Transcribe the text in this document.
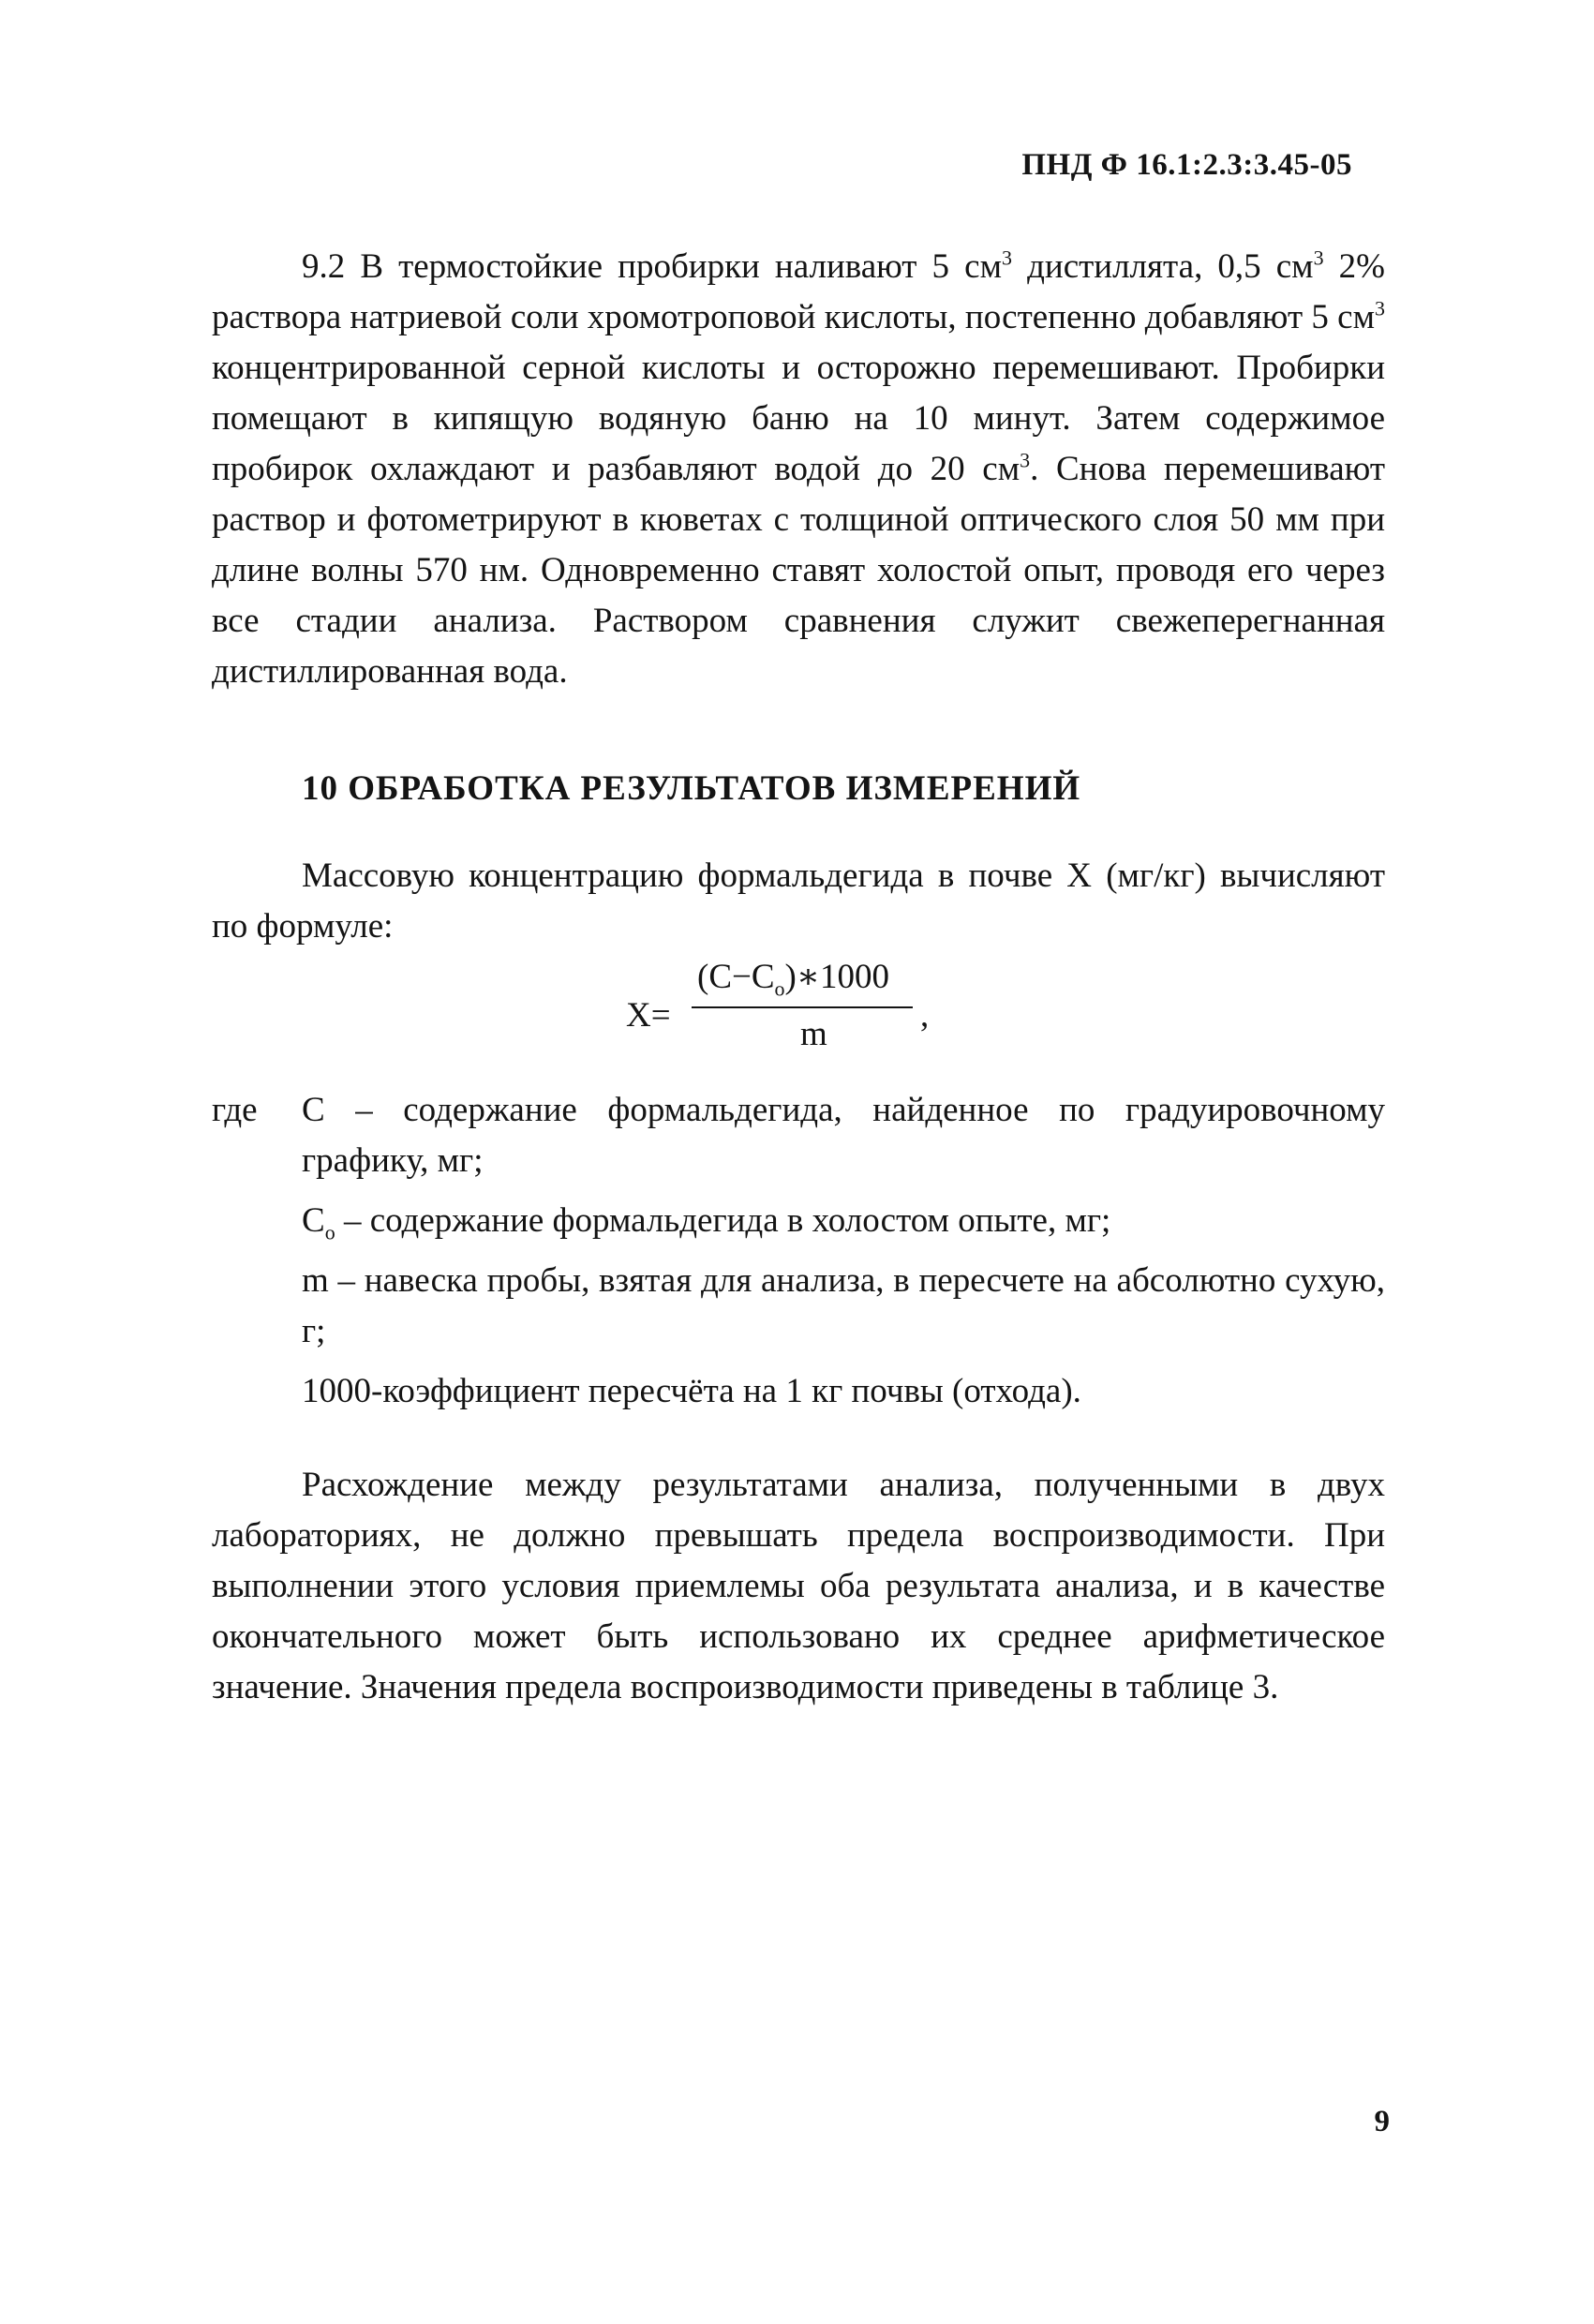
ПНД Ф 16.1:2.3:3.45-05

9.2 В термостойкие пробирки наливают 5 $см^3$ дистиллята, 0,5 $см^3$ 2% раствора натриевой соли хромотроповой кислоты, постепенно добавляют 5 $см^3$ концентрированной серной кислоты и осторожно перемешивают. Пробирки помещают в кипящую водяную баню на 10 минут. Затем содержимое пробирок охлаждают и разбавляют водой до 20 $см^3$. Снова перемешивают раствор и фотометрируют в кюветах с толщиной оптического слоя 50 мм при длине волны 570 нм. Одновременно ставят холостой опыт, проводя его через все стадии анализа. Раствором сравнения служит свежеперегнанная дистиллированная вода.

10 ОБРАБОТКА РЕЗУЛЬТАТОВ ИЗМЕРЕНИЙ

Массовую концентрацию формальдегида в почве X (мг/кг) вычисляют по формуле:

X=
$(C-C_o)∗1000$
m	,
где C – содержание формальдегида, найденное по градуировочному графику, мг;
$C_o$ – содержание формальдегида в холостом опыте, мг;
m – навеска пробы, взятая для анализа, в пересчете на абсолютно сухую, г;
1000-коэффициент пересчёта на 1 кг почвы (отхода).

Расхождение между результатами анализа, полученными в двух лабораториях, не должно превышать предела воспроизводимости. При выполнении этого условия приемлемы оба результата анализа, и в качестве окончательного может быть использовано их среднее арифметическое значение. Значения предела воспроизводимости приведены в таблице 3.

9
